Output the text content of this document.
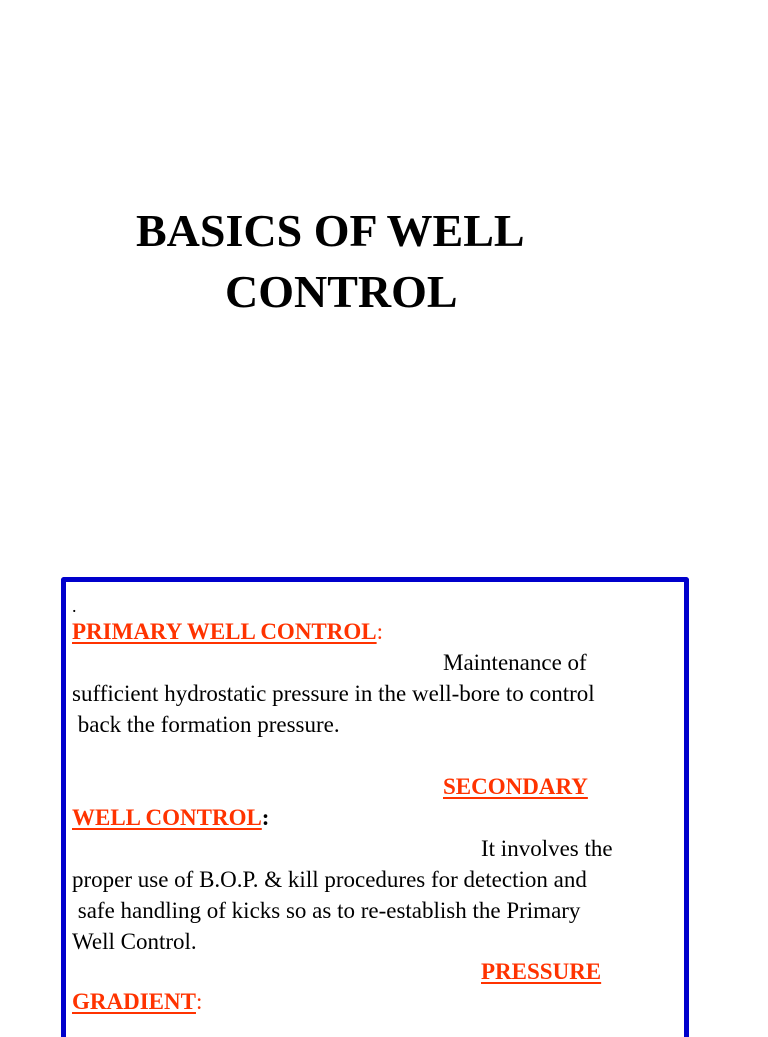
BASICS OF WELL
CONTROL
.
PRIMARY WELL CONTROL:
Maintenance of
sufficient hydrostatic pressure in the well-bore to control
back the formation pressure.
SECONDARY
WELL CONTROL:
It involves the
proper use of B.O.P. & kill procedures for detection and
safe handling of kicks so as to re-establish the Primary
Well Control.
PRESSURE
GRADIENT:
